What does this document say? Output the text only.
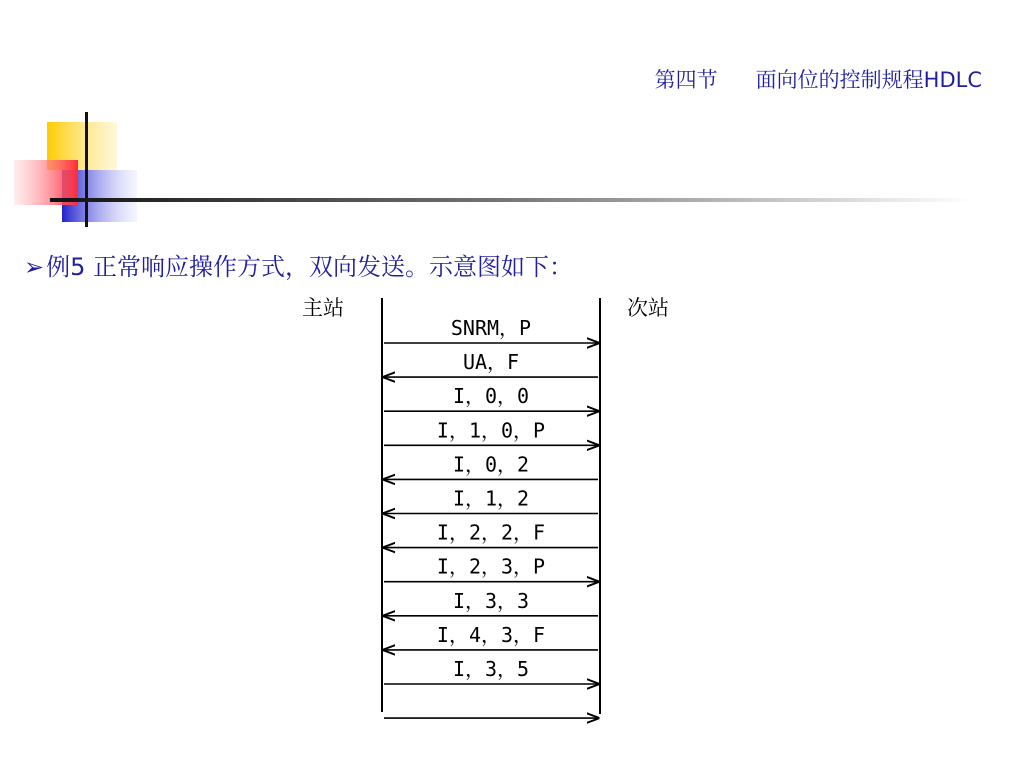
第四节 面向位的控制规程HDLC
➢例5 正常响应操作方式，双向发送。示意图如下：
主站	次站
SNRM，P
UA，F
I，0，0
I，1，0，P
I，0，2
I，1，2
I，2，2，F
I，2，3，P
I，3，3
I，4，3，F
I，3，5
